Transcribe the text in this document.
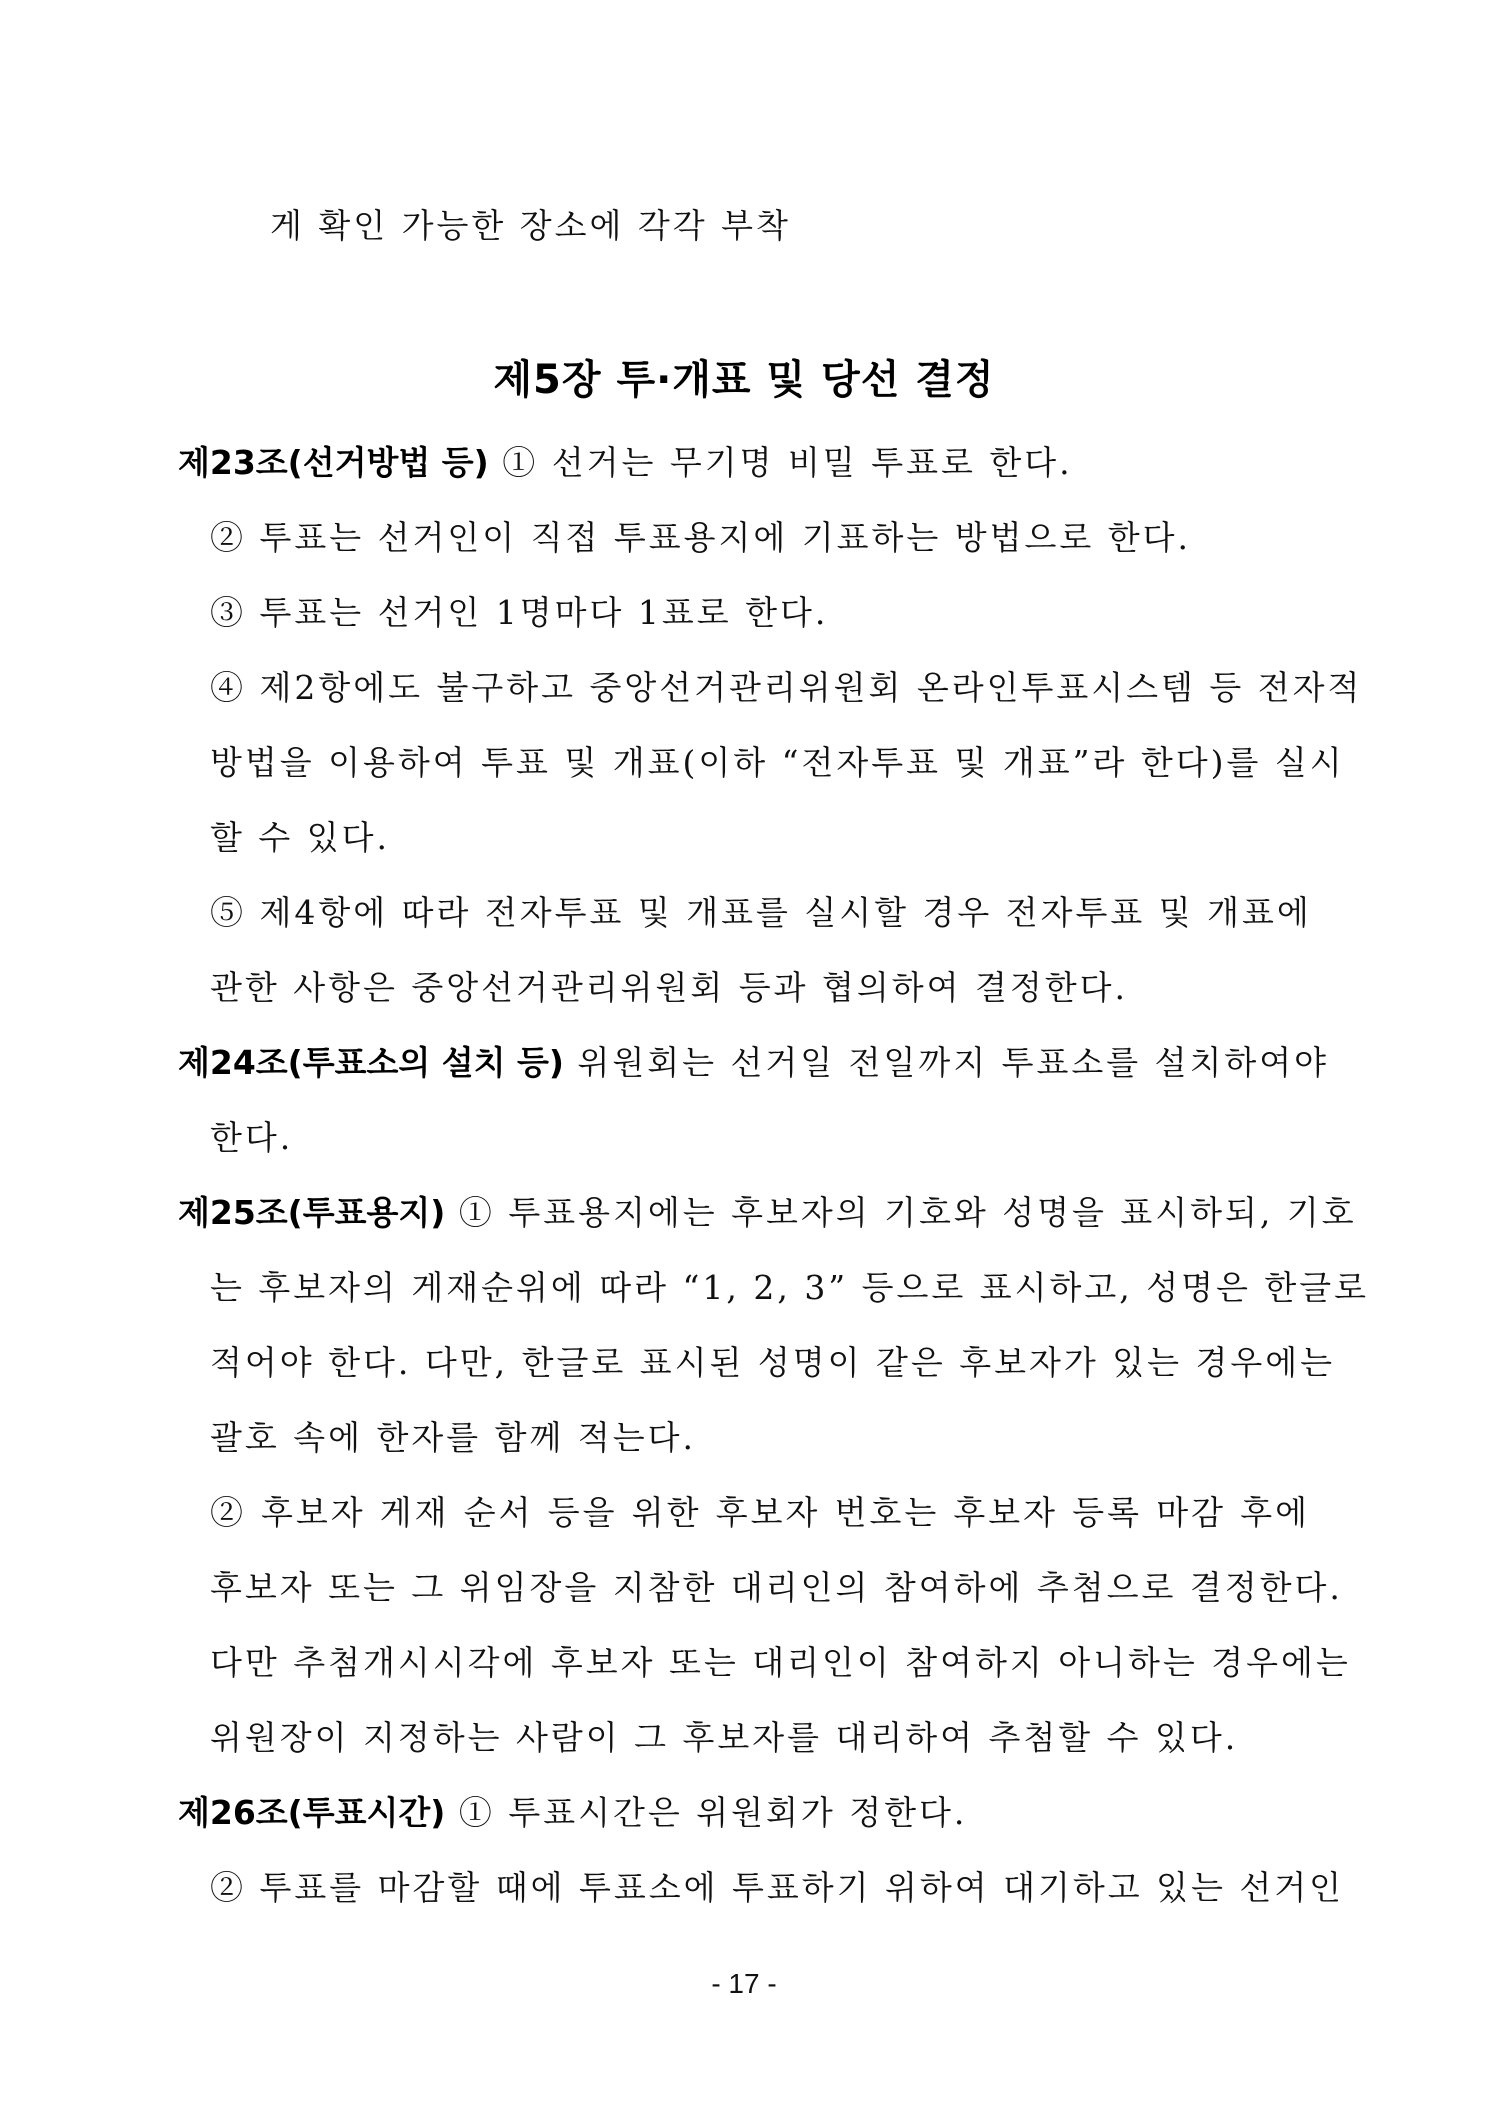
게 확인 가능한 장소에 각각 부착
제5장 투·개표 및 당선 결정
제23조(선거방법 등) ① 선거는 무기명 비밀 투표로 한다.
② 투표는 선거인이 직접 투표용지에 기표하는 방법으로 한다.
③ 투표는 선거인 1명마다 1표로 한다.
④ 제2항에도 불구하고 중앙선거관리위원회 온라인투표시스템 등 전자적
방법을 이용하여 투표 및 개표(이하 “전자투표 및 개표”라 한다)를 실시
할 수 있다.
⑤ 제4항에 따라 전자투표 및 개표를 실시할 경우 전자투표 및 개표에
관한 사항은 중앙선거관리위원회 등과 협의하여 결정한다.
제24조(투표소의 설치 등) 위원회는 선거일 전일까지 투표소를 설치하여야
한다.
제25조(투표용지) ① 투표용지에는 후보자의 기호와 성명을 표시하되, 기호
는 후보자의 게재순위에 따라 “1, 2, 3” 등으로 표시하고, 성명은 한글로
적어야 한다. 다만, 한글로 표시된 성명이 같은 후보자가 있는 경우에는
괄호 속에 한자를 함께 적는다.
② 후보자 게재 순서 등을 위한 후보자 번호는 후보자 등록 마감 후에
후보자 또는 그 위임장을 지참한 대리인의 참여하에 추첨으로 결정한다.
다만 추첨개시시각에 후보자 또는 대리인이 참여하지 아니하는 경우에는
위원장이 지정하는 사람이 그 후보자를 대리하여 추첨할 수 있다.
제26조(투표시간) ① 투표시간은 위원회가 정한다.
② 투표를 마감할 때에 투표소에 투표하기 위하여 대기하고 있는 선거인
- 17 -
